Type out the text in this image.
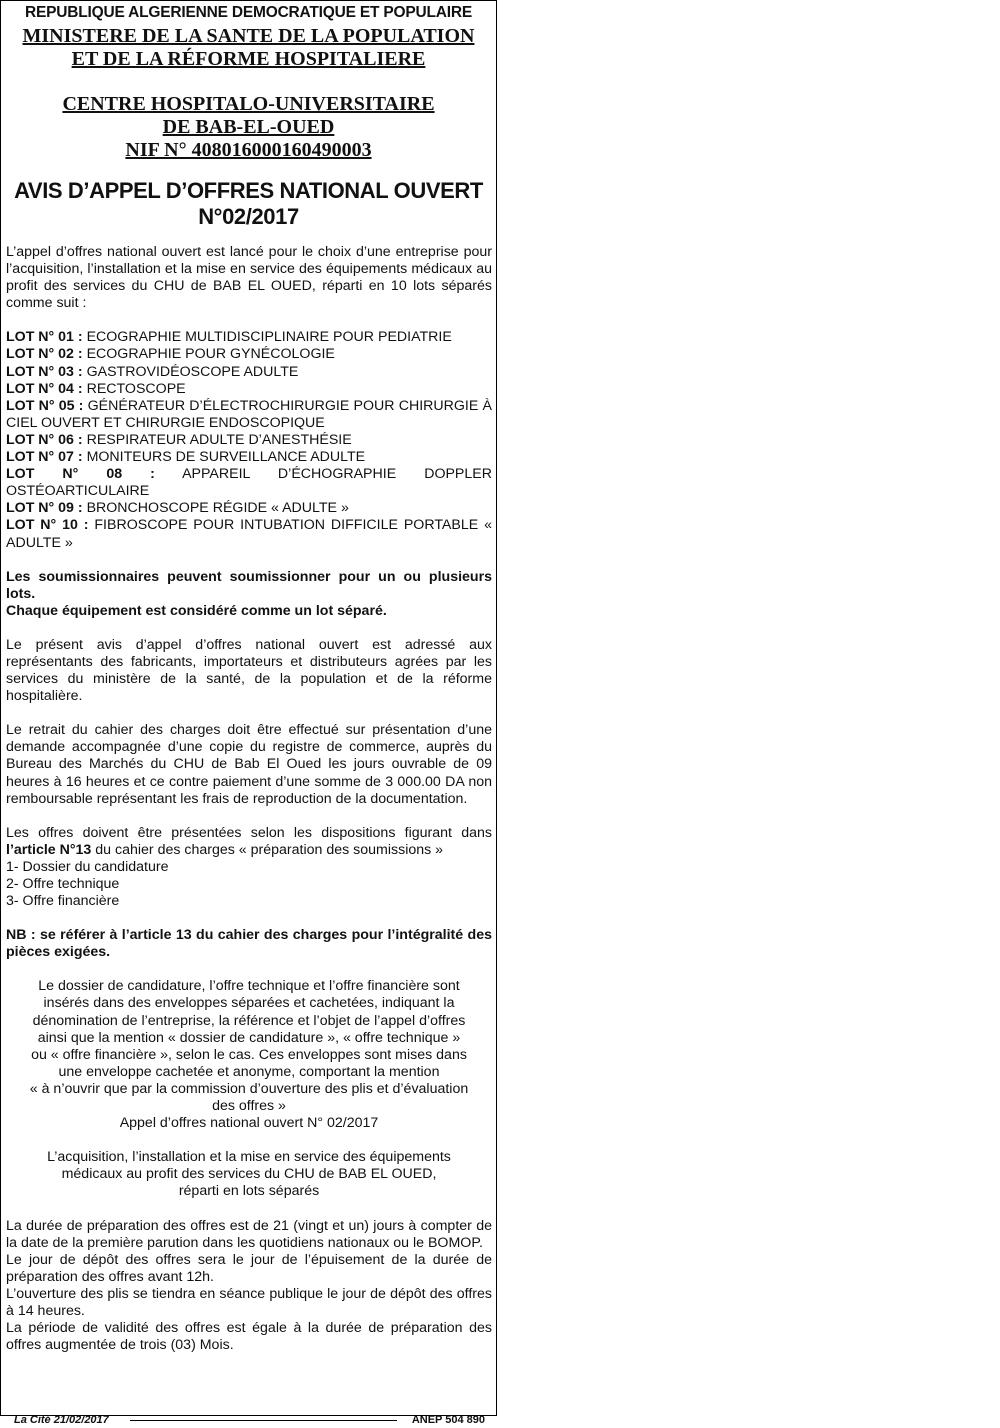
REPUBLIQUE ALGERIENNE DEMOCRATIQUE ET POPULAIRE
MINISTERE DE LA SANTE DE LA POPULATION
ET DE LA RÉFORME HOSPITALIERE
CENTRE HOSPITALO-UNIVERSITAIRE
DE BAB-EL-OUED
NIF N° 408016000160490003
AVIS D’APPEL D’OFFRES NATIONAL OUVERT
N°02/2017

L’appel d’offres national ouvert est lancé pour le choix d’une entreprise pour l’acquisition, l’installation et la mise en service des équipements médicaux au profit des services du CHU de BAB EL OUED, réparti en 10 lots séparés comme suit :

LOT N° 01 : ECOGRAPHIE MULTIDISCIPLINAIRE POUR PEDIATRIE
LOT N° 02 : ECOGRAPHIE POUR GYNÉCOLOGIE
LOT N° 03 : GASTROVIDÉOSCOPE ADULTE
LOT N° 04 : RECTOSCOPE
LOT N° 05 : GÉNÉRATEUR D’ÉLECTROCHIRURGIE POUR CHIRURGIE À CIEL OUVERT ET CHIRURGIE ENDOSCOPIQUE
LOT N° 06 : RESPIRATEUR ADULTE D’ANESTHÉSIE
LOT N° 07 : MONITEURS DE SURVEILLANCE ADULTE
LOT N° 08 : APPAREIL D’ÉCHOGRAPHIE DOPPLER OSTÉOARTICULAIRE
LOT N° 09 : BRONCHOSCOPE RÉGIDE « ADULTE »
LOT N° 10 : FIBROSCOPE POUR INTUBATION DIFFICILE PORTABLE « ADULTE »

Les soumissionnaires peuvent soumissionner pour un ou plusieurs lots.

Chaque équipement est considéré comme un lot séparé.

Le présent avis d’appel d’offres national ouvert est adressé aux représentants des fabricants, importateurs et distributeurs agrées par les services du ministère de la santé, de la population et de la réforme hospitalière.

Le retrait du cahier des charges doit être effectué sur présentation d’une demande accompagnée d’une copie du registre de commerce, auprès du Bureau des Marchés du CHU de Bab El Oued les jours ouvrable de 09 heures à 16 heures et ce contre paiement d’une somme de 3 000.00 DA non remboursable représentant les frais de reproduction de la documentation.

Les offres doivent être présentées selon les dispositions figurant dans l’article N°13 du cahier des charges « préparation des soumissions »
1- Dossier du candidature
2- Offre technique
3- Offre financière

NB : se référer à l’article 13 du cahier des charges pour l’intégralité des pièces exigées.

Le dossier de candidature, l’offre technique et l’offre financière sont
insérés dans des enveloppes séparées et cachetées, indiquant la
dénomination de l’entreprise, la référence et l’objet de l’appel d’offres
ainsi que la mention « dossier de candidature », « offre technique »
ou « offre financière », selon le cas. Ces enveloppes sont mises dans
une enveloppe cachetée et anonyme, comportant la mention
« à n’ouvrir que par la commission d’ouverture des plis et d’évaluation
des offres »
Appel d’offres national ouvert N° 02/2017
L’acquisition, l’installation et la mise en service des équipements
médicaux au profit des services du CHU de BAB EL OUED,
réparti en lots séparés
La durée de préparation des offres est de 21 (vingt et un) jours à compter de la date de la première parution dans les quotidiens nationaux ou le BOMOP.
Le jour de dépôt des offres sera le jour de l’épuisement de la durée de préparation des offres avant 12h.
L’ouverture des plis se tiendra en séance publique le jour de dépôt des offres à 14 heures.
La période de validité des offres est égale à la durée de préparation des offres augmentée de trois (03) Mois.
La Cité 21/02/2017	ANEP 504 890
